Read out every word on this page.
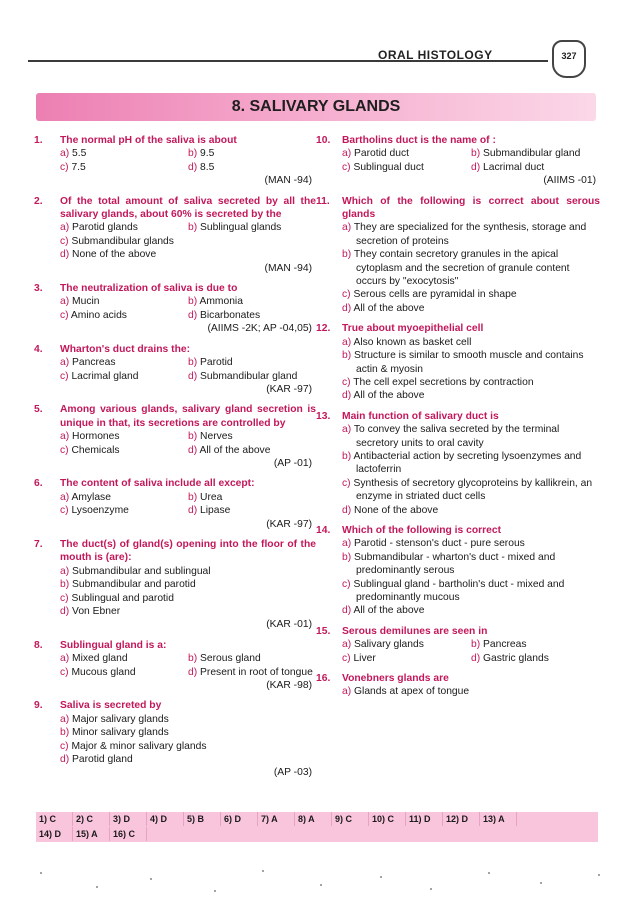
ORAL HISTOLOGY	327
8. SALIVARY GLANDS
1. The normal pH of the saliva is about
a) 5.5	b) 9.5
c) 7.5	d) 8.5
(MAN -94)
2. Of the total amount of saliva secreted by all the salivary glands, about 60% is secreted by the
a) Parotid glands	b) Sublingual glands
c) Submandibular glands
d) None of the above
(MAN -94)
3. The neutralization of saliva is due to
a) Mucin	b) Ammonia
c) Amino acids	d) Bicarbonates
(AIIMS -2K; AP -04,05)
4. Wharton's duct drains the:
a) Pancreas	b) Parotid
c) Lacrimal gland	d) Submandibular gland
(KAR -97)
5. Among various glands, salivary gland secretion is unique in that, its secretions are controlled by
a) Hormones	b) Nerves
c) Chemicals	d) All of the above
(AP -01)
6. The content of saliva include all except:
a) Amylase	b) Urea
c) Lysoenzyme	d) Lipase
(KAR -97)
7. The duct(s) of gland(s) opening into the floor of the mouth is (are):
a) Submandibular and sublingual
b) Submandibular and parotid
c) Sublingual and parotid
d) Von Ebner
(KAR -01)
8. Sublingual gland is a:
a) Mixed gland	b) Serous gland
c) Mucous gland	d) Present in root of tongue
(KAR -98)
9. Saliva is secreted by
a) Major salivary glands
b) Minor salivary glands
c) Major & minor salivary glands
d) Parotid gland
(AP -03)
10. Bartholins duct is the name of :
a) Parotid duct	b) Submandibular gland
c) Sublingual duct	d) Lacrimal duct
(AIIMS -01)
11. Which of the following is correct about serous glands
a) They are specialized for the synthesis, storage and secretion of proteins
b) They contain secretory granules in the apical cytoplasm and the secretion of granule content occurs by "exocytosis"
c) Serous cells are pyramidal in shape
d) All of the above
12. True about myoepithelial cell
a) Also known as basket cell
b) Structure is similar to smooth muscle and contains actin & myosin
c) The cell expel secretions by contraction
d) All of the above
13. Main function of salivary duct is
a) To convey the saliva secreted by the terminal secretory units to oral cavity
b) Antibacterial action by secreting lysoenzymes and lactoferrin
c) Synthesis of secretory glycoproteins by kallikrein, an enzyme in striated duct cells
d) None of the above
14. Which of the following is correct
a) Parotid - stenson's duct - pure serous
b) Submandibular - wharton's duct - mixed and predominantly serous
c) Sublingual gland - bartholin's duct - mixed and predominantly mucous
d) All of the above
15. Serous demilunes are seen in
a) Salivary glands	b) Pancreas
c) Liver	d) Gastric glands
16. Vonebners glands are
a) Glands at apex of tongue
1) C	2) C	3) D	4) D	5) B	6) D	7) A	8) A	9) C	10) C	11) D	12) D	13) A
14) D	15) A	16) C
